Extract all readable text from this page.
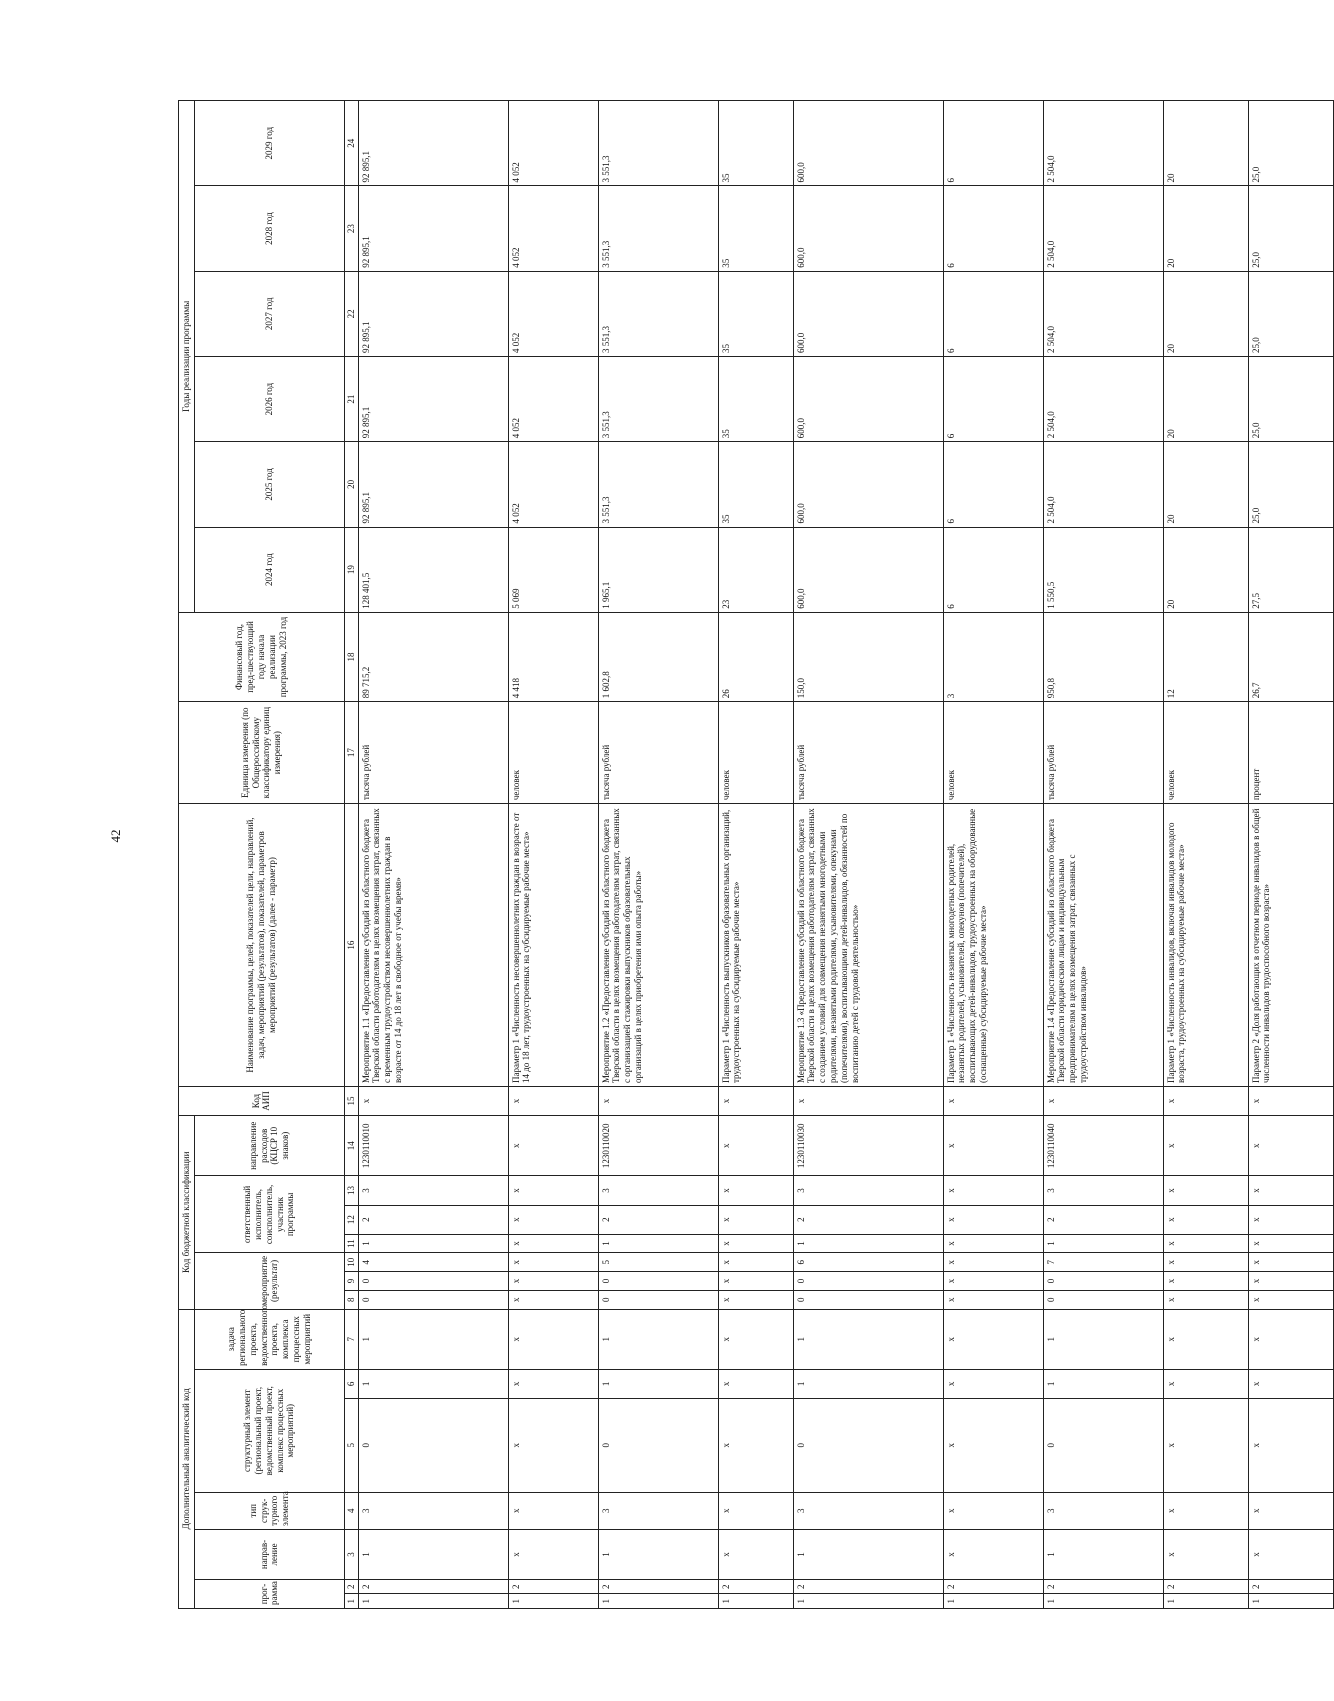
42
Дополнительный аналитический код							Код бюджетной классификации							Код АИП	Наименование программы, целей, показателей цели, направлений, задач, мероприятий (результатов), показателей, параметров мероприятий (результатов) (далее - параметр)	Единица измерения (по Общероссийскому классификатору единиц измерения)	Финансовый год, пред-шествующий году начала реализации программы, 2023 год	Годы реализации программы					
прог-рамма		направ-ление	тип струк-турного элемента	структурный элемент (региональный проект, ведомственный проект, комплекс процессных мероприятий)		задача регионального проекта, ведомственного проекта, комплекса процессных мероприятий	мероприятие (результат)			ответственный исполнитель, соисполнитель, участник программы			направление расходов (КЦСР 10 знаков)					2024 год	2025 год	2026 год	2027 год	2028 год	2029 год
1	2	3	4	5	6	7	8	9	10	11	12	13	14	15	16	17	18	19	20	21	22	23	24
1	2	1	3	0	1	1	0	0	4	1	2	3	1230110010	x	Мероприятие 1.1 «Предоставление субсидий из областного бюджета Тверской области работодателям в целях возмещения затрат, связанных с временным трудоустройством несовершеннолетних граждан в возрасте от 14 до 18 лет в свободное от учебы время»	тысяча рублей	89 715,2	128 401,5	92 895,1	92 895,1	92 895,1	92 895,1	92 895,1
1	2	x	x	x	x	x	x	x	x	x	x	x	x	x	Параметр 1 «Численность несовершеннолетних граждан в возрасте от 14 до 18 лет, трудоустроенных на субсидируемые рабочие места»	человек	4 418	5 069	4 052	4 052	4 052	4 052	4 052
1	2	1	3	0	1	1	0	0	5	1	2	3	1230110020	x	Мероприятие 1.2 «Предоставление субсидий из областного бюджета Тверской области в целях возмещения работодателям затрат, связанных с организацией стажировки выпускников образовательных организаций в целях приобретения ими опыта работы»	тысяча рублей	1 602,8	1 965,1	3 551,3	3 551,3	3 551,3	3 551,3	3 551,3
1	2	x	x	x	x	x	x	x	x	x	x	x	x	x	Параметр 1 «Численность выпускников образовательных организаций, трудоустроенных на субсидируемые рабочие места»	человек	26	23	35	35	35	35	35
1	2	1	3	0	1	1	0	0	6	1	2	3	1230110030	x	Мероприятие 1.3 «Предоставление субсидий из областного бюджета Тверской области в целях возмещения работодателям затрат, связанных с созданием условий для совмещения незанятыми многодетными родителями, незанятыми родителями, усыновителями, опекунами (попечителями), воспитывающими детей-инвалидов, обязанностей по воспитанию детей с трудовой деятельностью»	тысяча рублей	150,0	600,0	600,0	600,0	600,0	600,0	600,0
1	2	x	x	x	x	x	x	x	x	x	x	x	x	x	Параметр 1 «Численность незанятых многодетных родителей, незанятых родителей, усыновителей, опекунов (попечителей), воспитывающих детей-инвалидов, трудоустроенных на оборудованные (оснащенные) субсидируемые рабочие места»	человек	3	6	6	6	6	6	6
1	2	1	3	0	1	1	0	0	7	1	2	3	1230110040	x	Мероприятие 1.4 «Предоставление субсидий из областного бюджета Тверской области юридическим лицам и индивидуальным предпринимателям в целях возмещения затрат, связанных с трудоустройством инвалидов»	тысяча рублей	950,8	1 550,5	2 504,0	2 504,0	2 504,0	2 504,0	2 504,0
1	2	x	x	x	x	x	x	x	x	x	x	x	x	x	Параметр 1 «Численность инвалидов, включая инвалидов молодого возраста, трудоустроенных на субсидируемые рабочие места»	человек	12	20	20	20	20	20	20
1	2	x	x	x	x	x	x	x	x	x	x	x	x	x	Параметр 2 «Доля работающих в отчетном периоде инвалидов в общей численности инвалидов трудоспособного возраста»	процент	26,7	27,5	25,0	25,0	25,0	25,0	25,0
